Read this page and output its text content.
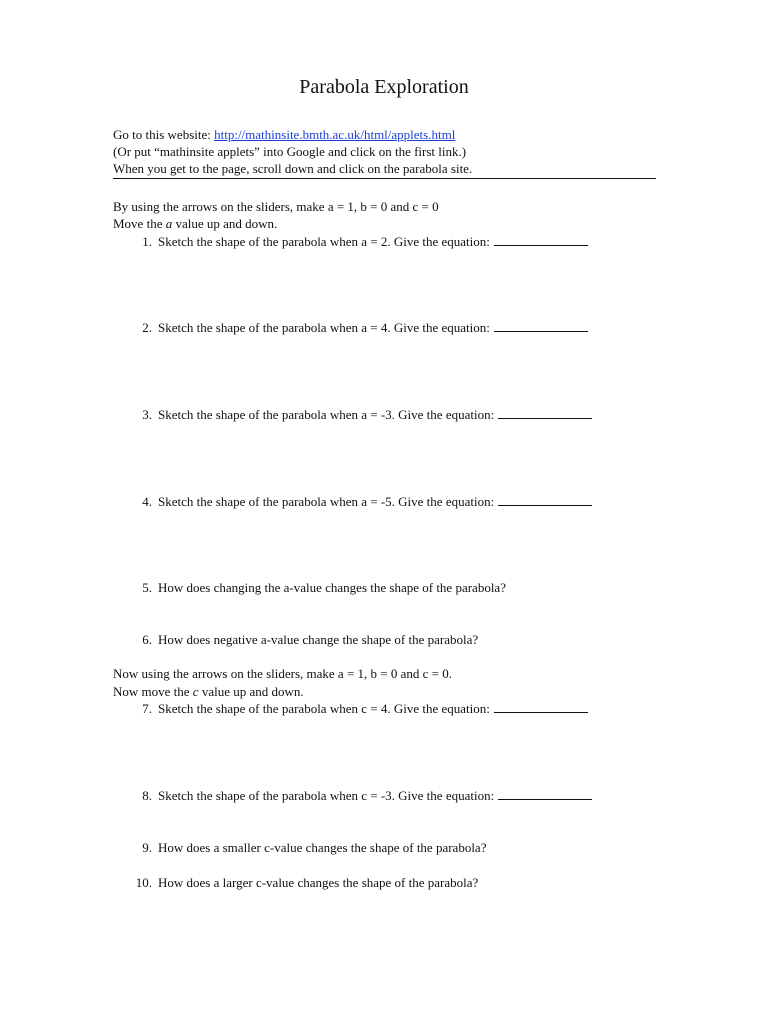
Parabola Exploration
Go to this website: http://mathinsite.bmth.ac.uk/html/applets.html
(Or put “mathinsite applets” into Google and click on the first link.)
When you get to the page, scroll down and click on the parabola site.
By using the arrows on the sliders, make a = 1, b = 0 and c = 0
Move the a value up and down.
1. Sketch the shape of the parabola when a = 2. Give the equation:
2. Sketch the shape of the parabola when a = 4. Give the equation:
3. Sketch the shape of the parabola when a = -3. Give the equation:
4. Sketch the shape of the parabola when a = -5. Give the equation:
5. How does changing the a-value changes the shape of the parabola?
6. How does negative a-value change the shape of the parabola?
Now using the arrows on the sliders, make a = 1, b = 0 and c = 0.
Now move the c value up and down.
7. Sketch the shape of the parabola when c = 4. Give the equation:
8. Sketch the shape of the parabola when c = -3. Give the equation:
9. How does a smaller c-value changes the shape of the parabola?
10. How does a larger c-value changes the shape of the parabola?
